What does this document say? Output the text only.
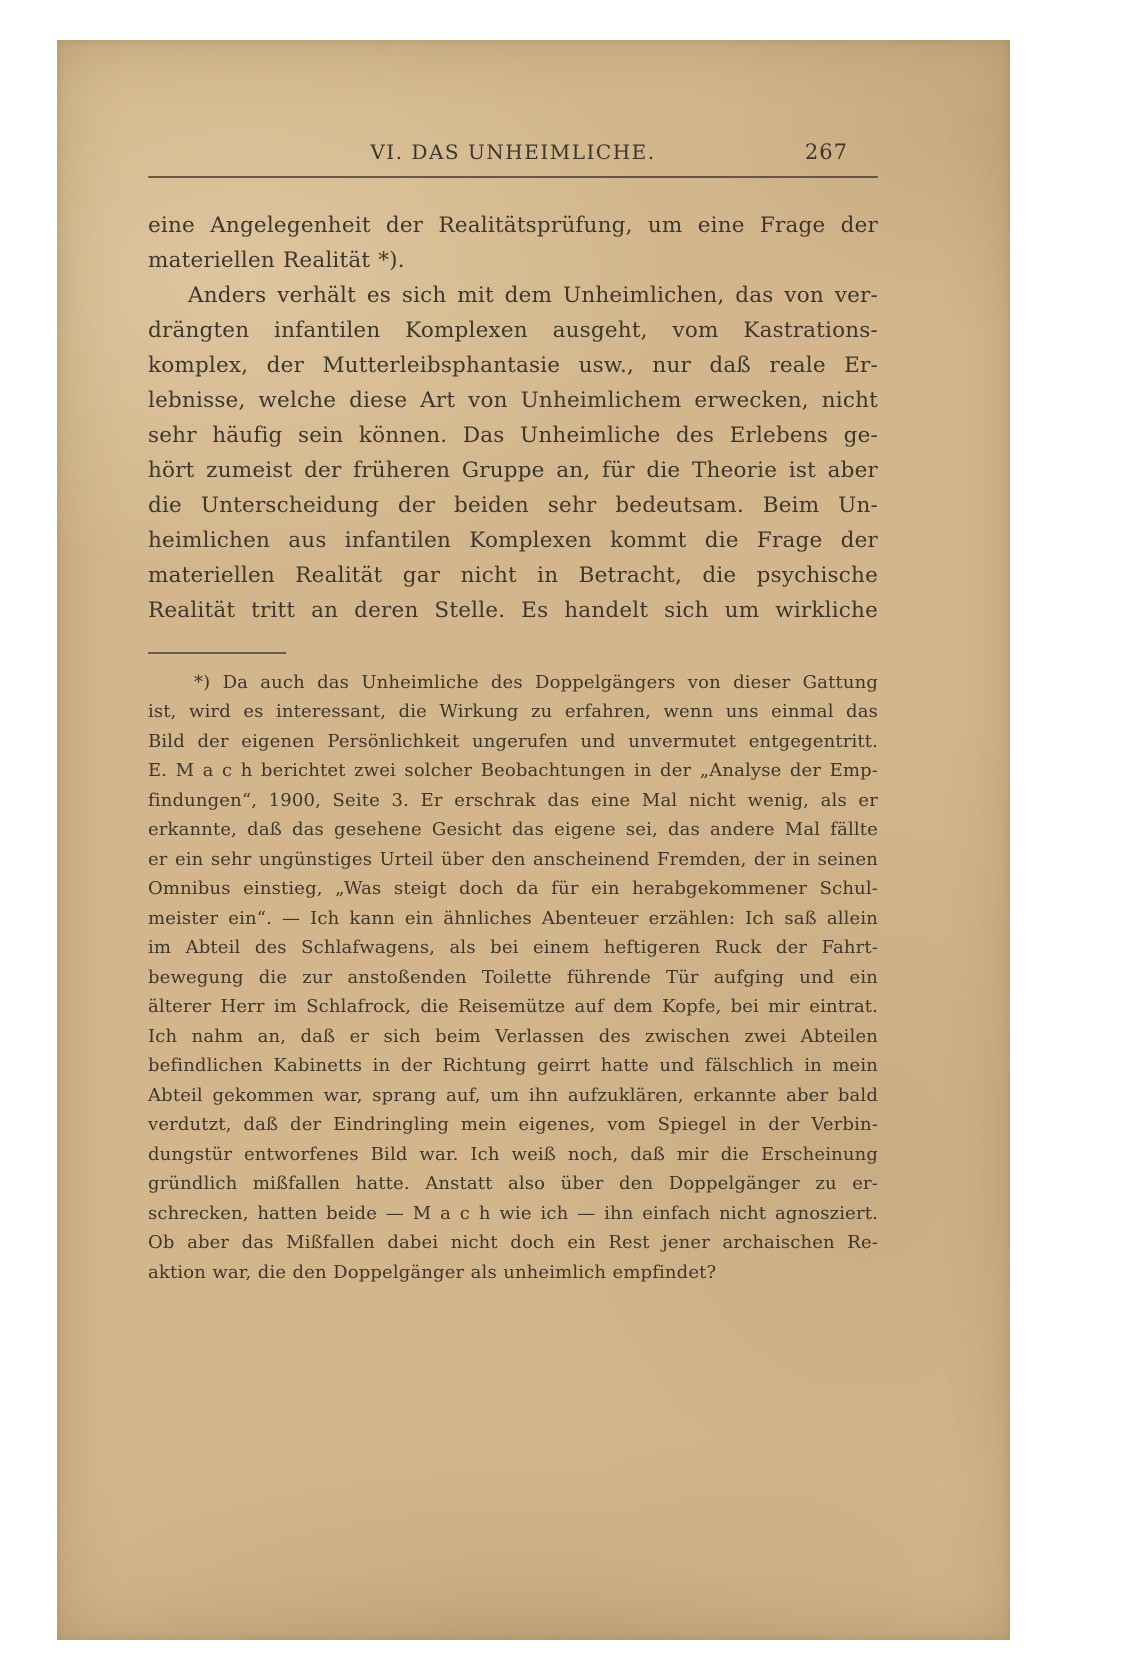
VI. DAS UNHEIMLICHE.	267
eine Angelegenheit der Realitätsprüfung, um eine Frage der
materiellen Realität *).
Anders verhält es sich mit dem Unheimlichen, das von ver-
drängten infantilen Komplexen ausgeht, vom Kastrations-
komplex, der Mutterleibsphantasie usw., nur daß reale Er-
lebnisse, welche diese Art von Unheimlichem erwecken, nicht
sehr häufig sein können. Das Unheimliche des Erlebens ge-
hört zumeist der früheren Gruppe an, für die Theorie ist aber
die Unterscheidung der beiden sehr bedeutsam. Beim Un-
heimlichen aus infantilen Komplexen kommt die Frage der
materiellen Realität gar nicht in Betracht, die psychische
Realität tritt an deren Stelle. Es handelt sich um wirkliche
*) Da auch das Unheimliche des Doppelgängers von dieser Gattung
ist, wird es interessant, die Wirkung zu erfahren, wenn uns einmal das
Bild der eigenen Persönlichkeit ungerufen und unvermutet entgegentritt.
E. M a c h berichtet zwei solcher Beobachtungen in der „Analyse der Emp-
findungen“, 1900, Seite 3. Er erschrak das eine Mal nicht wenig, als er
erkannte, daß das gesehene Gesicht das eigene sei, das andere Mal fällte
er ein sehr ungünstiges Urteil über den anscheinend Fremden, der in seinen
Omnibus einstieg, „Was steigt doch da für ein herabgekommener Schul-
meister ein“. — Ich kann ein ähnliches Abenteuer erzählen: Ich saß allein
im Abteil des Schlafwagens, als bei einem heftigeren Ruck der Fahrt-
bewegung die zur anstoßenden Toilette führende Tür aufging und ein
älterer Herr im Schlafrock, die Reisemütze auf dem Kopfe, bei mir eintrat.
Ich nahm an, daß er sich beim Verlassen des zwischen zwei Abteilen
befindlichen Kabinetts in der Richtung geirrt hatte und fälschlich in mein
Abteil gekommen war, sprang auf, um ihn aufzuklären, erkannte aber bald
verdutzt, daß der Eindringling mein eigenes, vom Spiegel in der Verbin-
dungstür entworfenes Bild war. Ich weiß noch, daß mir die Erscheinung
gründlich mißfallen hatte. Anstatt also über den Doppelgänger zu er-
schrecken, hatten beide — M a c h wie ich — ihn einfach nicht agnosziert.
Ob aber das Mißfallen dabei nicht doch ein Rest jener archaischen Re-
aktion war, die den Doppelgänger als unheimlich empfindet?
